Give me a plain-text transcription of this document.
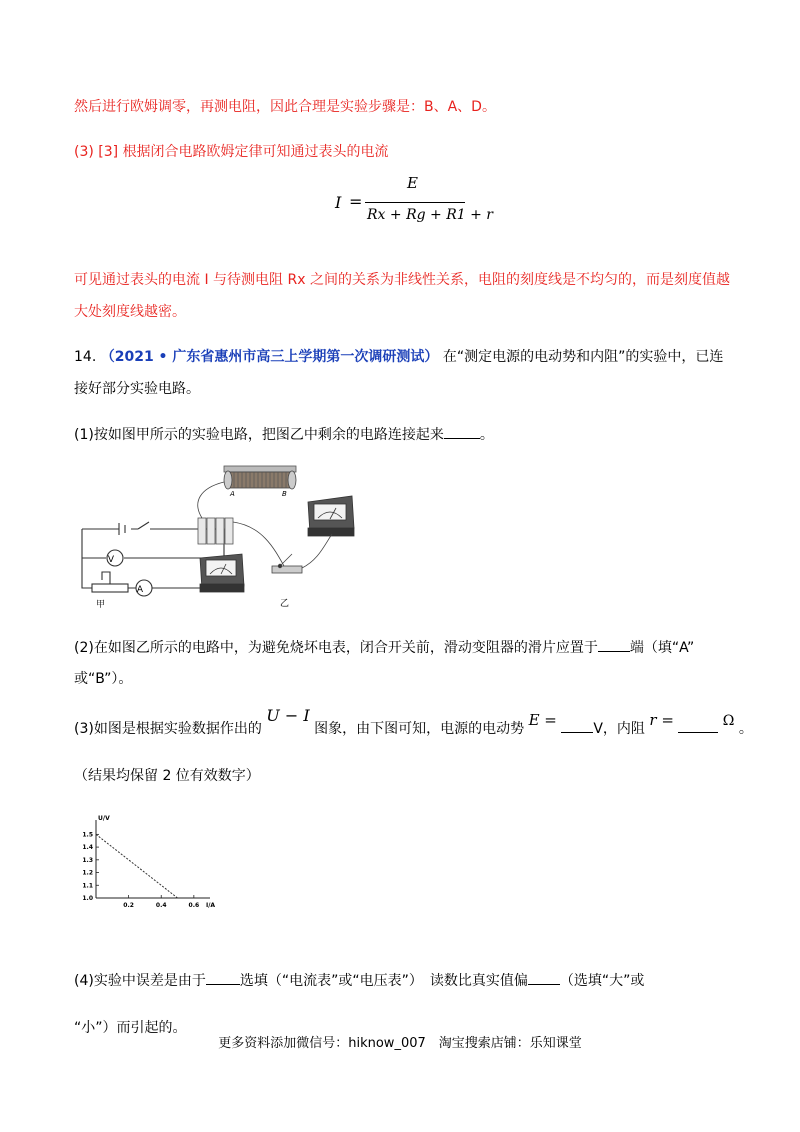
然后进行欧姆调零，再测电阻，因此合理是实验步骤是：B、A、D。
(3) [3] 根据闭合电路欧姆定律可知通过表头的电流
I =
E
Rx + Rg + R1 + r
可见通过表头的电流 I 与待测电阻 Rx 之间的关系为非线性关系，电阻的刻度线是不均匀的，而是刻度值越
大处刻度线越密。
14. （2021 • 广东省惠州市高三上学期第一次调研测试） 在“测定电源的电动势和内阻”的实验中，已连
接好部分实验电路。
(1)按如图甲所示的实验电路，把图乙中剩余的电路连接起来	。
V
A
甲
A	B
乙
(2)在如图乙所示的电路中，为避免烧坏电表，闭合开关前，滑动变阻器的滑片应置于 端（填“A”
或“B”）。
(3)如图是根据实验数据作出的 U − I 图象，由下图可知，电源的电动势 E =	V，内阻 r =	Ω 。
（结果均保留 2 位有效数字）
U/V
I/A
1.0
1.1
1.2
1.3
1.4
1.5
0.2	0.4	0.6
(4)实验中误差是由于 选填（“电流表”或“电压表”）　读数比真实值偏 （选填“大”或
“小”）而引起的。
更多资料添加微信号：hiknow_007　淘宝搜索店铺：乐知课堂
